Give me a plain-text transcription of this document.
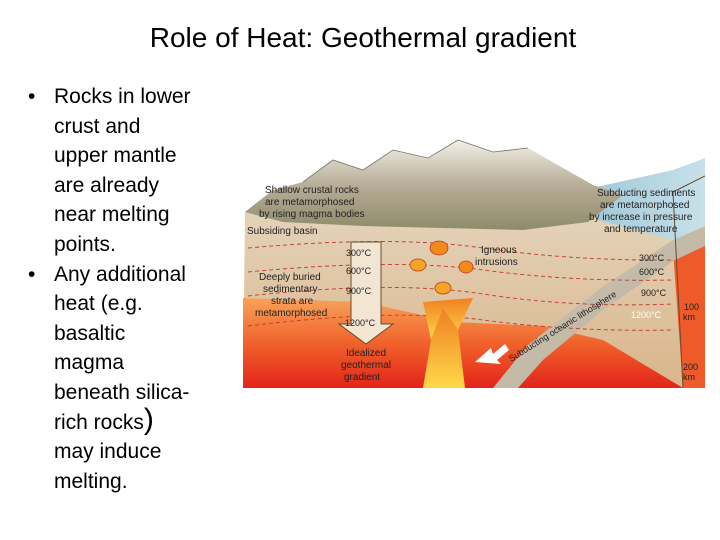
Role of Heat: Geothermal gradient
• Rocks in lower
crust and
upper mantle
are already
near melting
points.
• Any additional
heat (e.g.
basaltic
magma
beneath silica-
rich rocks)
may induce
melting.
Shallow crustal rocks
are metamorphosed
by rising magma bodies
Subsiding basin
Subducting sediments
are metamorphosed
by increase in pressure
and temperature
Igneous
intrusions
Deeply buried
sedimentary
strata are
metamorphosed
Idealized
geothermal
gradient
300°C
600°C
900°C
1200°C
300°C
600°C
900°C
1200°C
100
km
200
km
Subducting oceanic lithosphere
